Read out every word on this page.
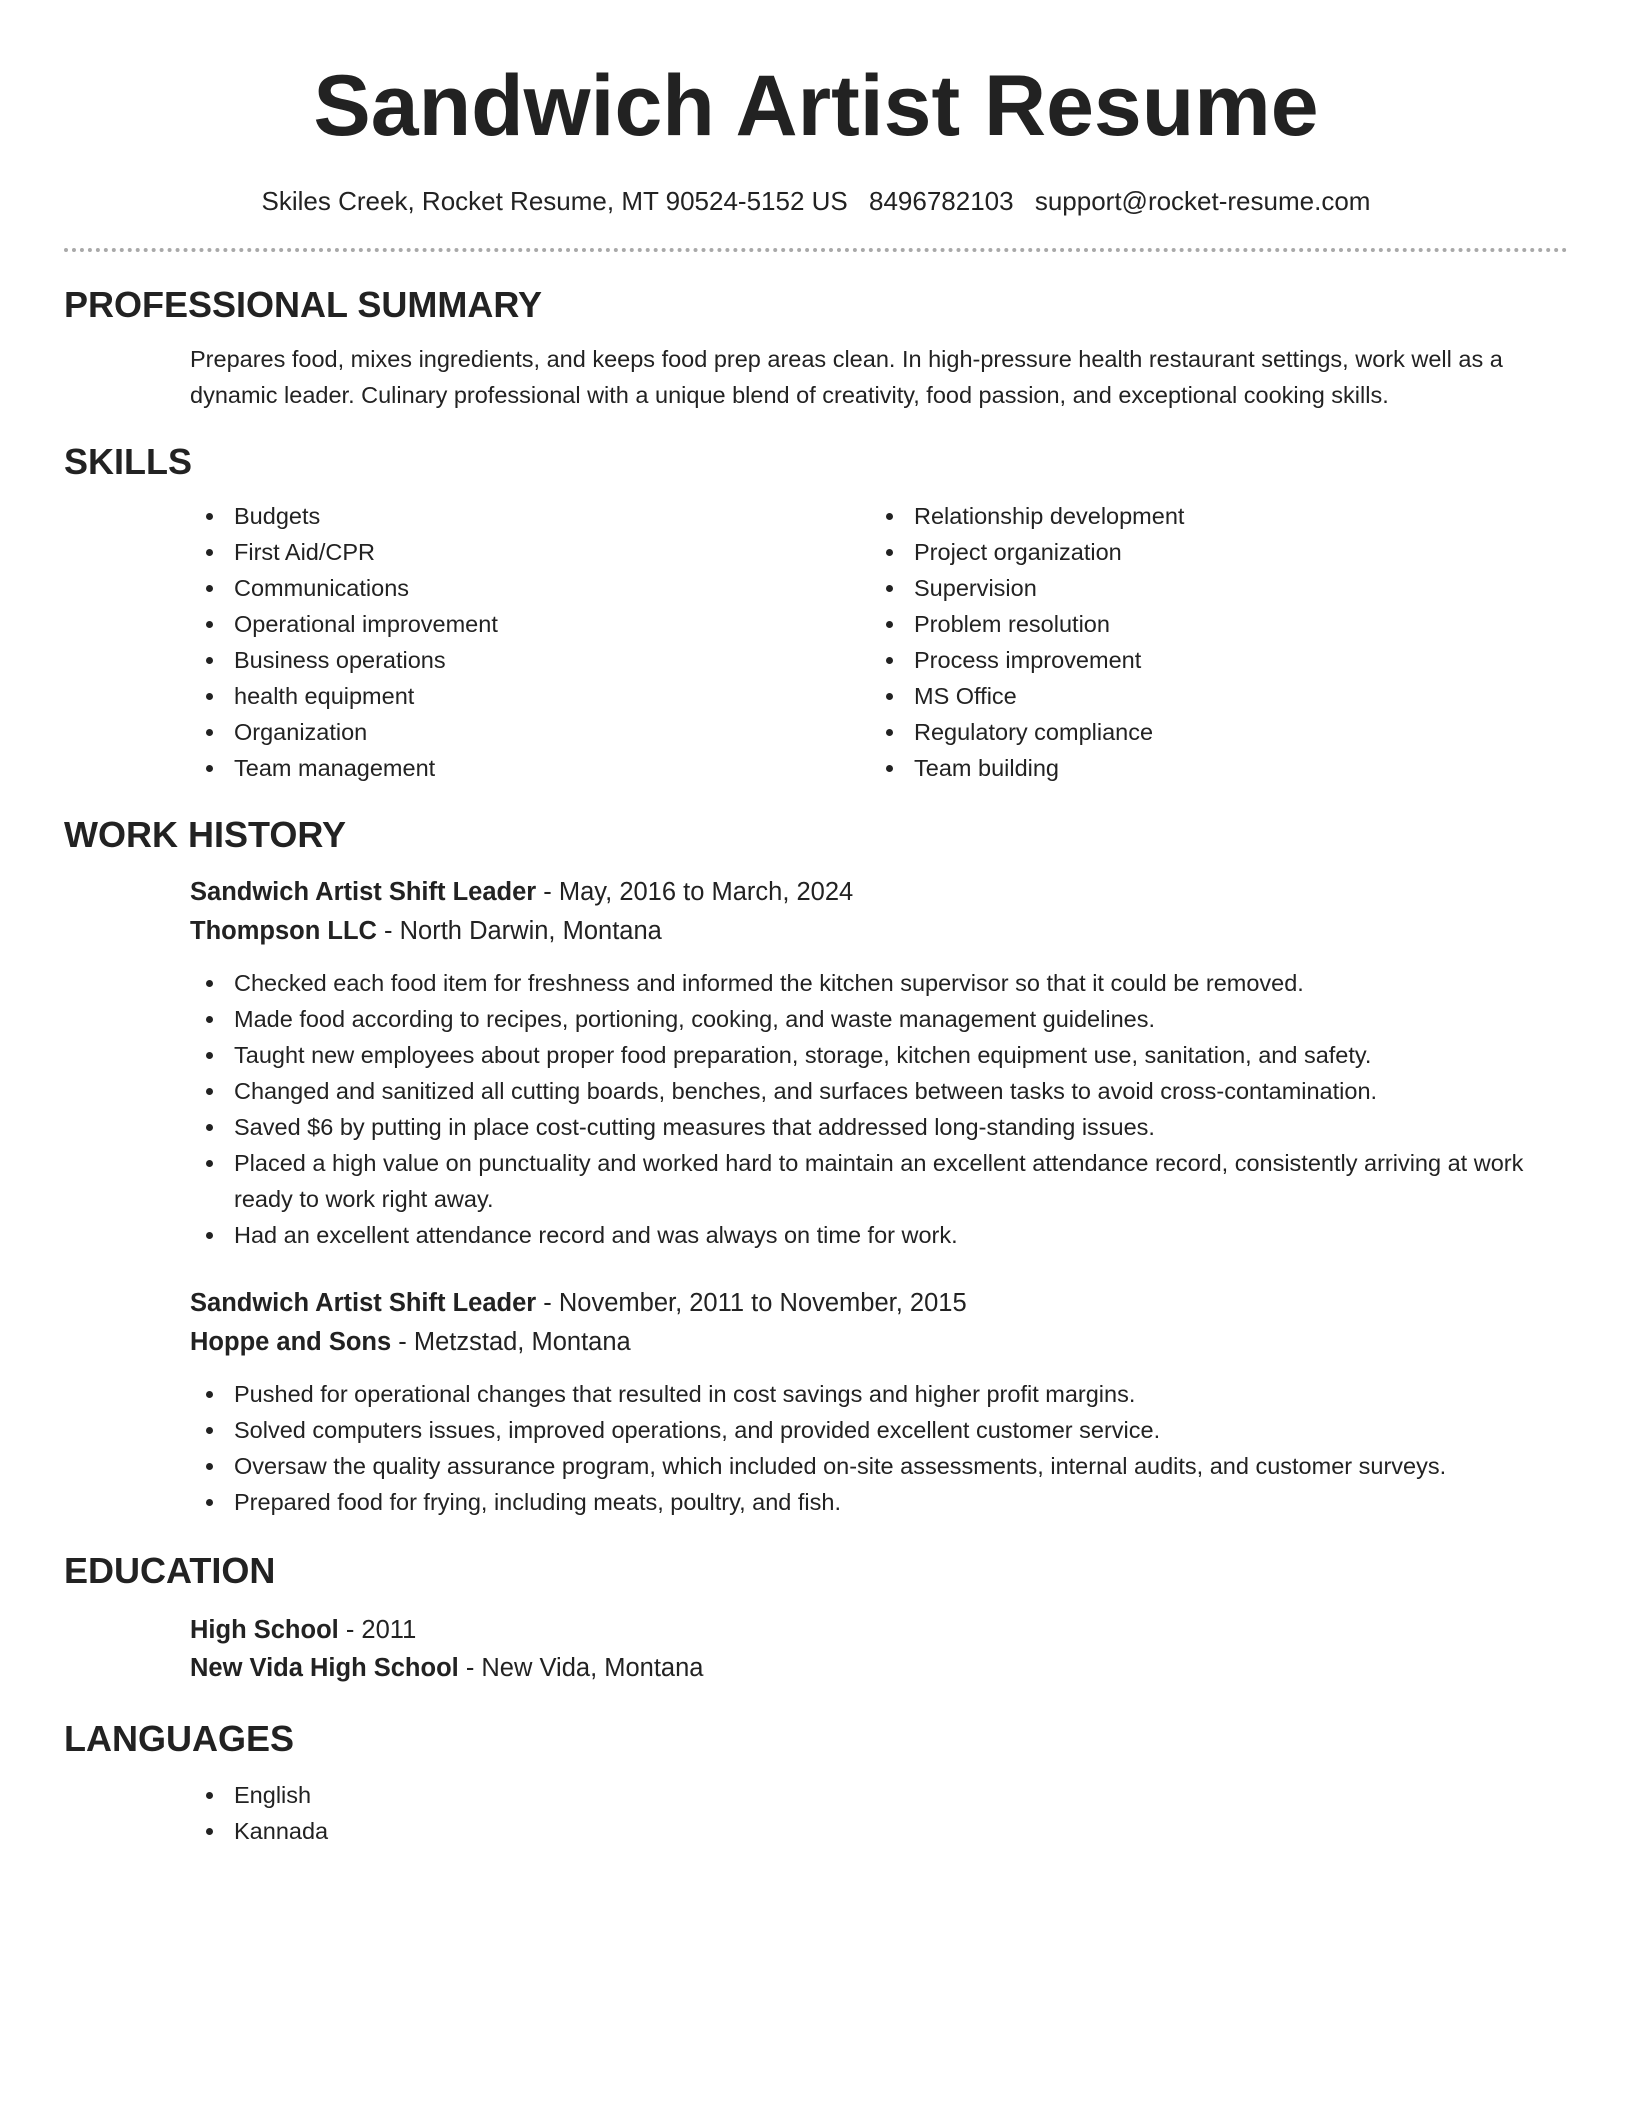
Sandwich Artist Resume
Skiles Creek, Rocket Resume, MT 90524-5152 US 8496782103 support@rocket-resume.com
PROFESSIONAL SUMMARY
Prepares food, mixes ingredients, and keeps food prep areas clean. In high-pressure health restaurant settings, work well as a dynamic leader. Culinary professional with a unique blend of creativity, food passion, and exceptional cooking skills.
SKILLS
Budgets
First Aid/CPR
Communications
Operational improvement
Business operations
health equipment
Organization
Team management
Relationship development
Project organization
Supervision
Problem resolution
Process improvement
MS Office
Regulatory compliance
Team building
WORK HISTORY
Sandwich Artist Shift Leader - May, 2016 to March, 2024
Thompson LLC - North Darwin, Montana
Checked each food item for freshness and informed the kitchen supervisor so that it could be removed.
Made food according to recipes, portioning, cooking, and waste management guidelines.
Taught new employees about proper food preparation, storage, kitchen equipment use, sanitation, and safety.
Changed and sanitized all cutting boards, benches, and surfaces between tasks to avoid cross-contamination.
Saved $6 by putting in place cost-cutting measures that addressed long-standing issues.
Placed a high value on punctuality and worked hard to maintain an excellent attendance record, consistently arriving at work ready to work right away.
Had an excellent attendance record and was always on time for work.
Sandwich Artist Shift Leader - November, 2011 to November, 2015
Hoppe and Sons - Metzstad, Montana
Pushed for operational changes that resulted in cost savings and higher profit margins.
Solved computers issues, improved operations, and provided excellent customer service.
Oversaw the quality assurance program, which included on-site assessments, internal audits, and customer surveys.
Prepared food for frying, including meats, poultry, and fish.
EDUCATION
High School - 2011
New Vida High School - New Vida, Montana
LANGUAGES
English
Kannada
